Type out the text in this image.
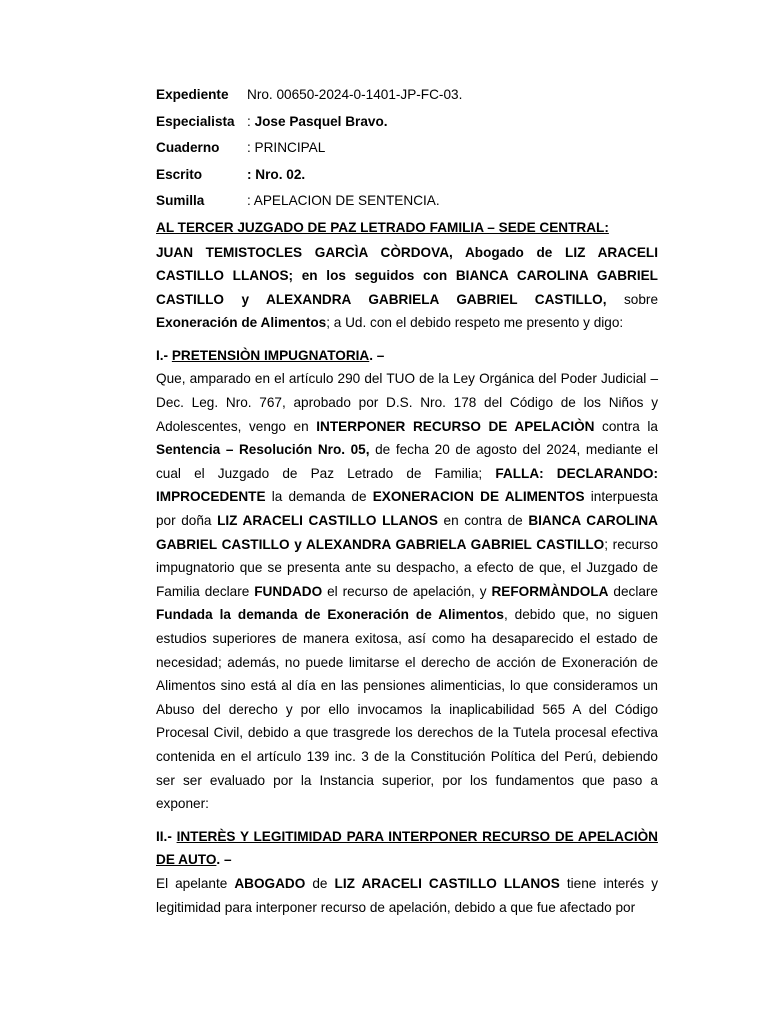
Expediente	Nro. 00650-2024-0-1401-JP-FC-03.
Especialista : Jose Pasquel Bravo.
Cuaderno	: PRINCIPAL
Escrito	: Nro. 02.
Sumilla	: APELACION DE SENTENCIA.
AL TERCER JUZGADO DE PAZ LETRADO FAMILIA – SEDE CENTRAL:

JUAN TEMISTOCLES GARCÌA CÒRDOVA, Abogado de LIZ ARACELI CASTILLO LLANOS; en los seguidos con BIANCA CAROLINA GABRIEL CASTILLO y ALEXANDRA GABRIELA GABRIEL CASTILLO, sobre Exoneración de Alimentos; a Ud. con el debido respeto me presento y digo:

I.- PRETENSIÒN IMPUGNATORIA. –

Que, amparado en el artículo 290 del TUO de la Ley Orgánica del Poder Judicial – Dec. Leg. Nro. 767, aprobado por D.S. Nro. 178 del Código de los Niños y Adolescentes, vengo en INTERPONER RECURSO DE APELACIÒN contra la Sentencia – Resolución Nro. 05, de fecha 20 de agosto del 2024, mediante el cual el Juzgado de Paz Letrado de Familia; FALLA: DECLARANDO: IMPROCEDENTE la demanda de EXONERACION DE ALIMENTOS interpuesta por doña LIZ ARACELI CASTILLO LLANOS en contra de BIANCA CAROLINA GABRIEL CASTILLO y ALEXANDRA GABRIELA GABRIEL CASTILLO; recurso impugnatorio que se presenta ante su despacho, a efecto de que, el Juzgado de Familia declare FUNDADO el recurso de apelación, y REFORMÀNDOLA declare Fundada la demanda de Exoneración de Alimentos, debido que, no siguen estudios superiores de manera exitosa, así como ha desaparecido el estado de necesidad; además, no puede limitarse el derecho de acción de Exoneración de Alimentos sino está al día en las pensiones alimenticias, lo que consideramos un Abuso del derecho y por ello invocamos la inaplicabilidad 565 A del Código Procesal Civil, debido a que trasgrede los derechos de la Tutela procesal efectiva contenida en el artículo 139 inc. 3 de la Constitución Política del Perú, debiendo ser ser evaluado por la Instancia superior, por los fundamentos que paso a exponer:

II.- INTERÈS Y LEGITIMIDAD PARA INTERPONER RECURSO DE APELACIÒN DE AUTO. –

El apelante ABOGADO de LIZ ARACELI CASTILLO LLANOS tiene interés y legitimidad para interponer recurso de apelación, debido a que fue afectado por
